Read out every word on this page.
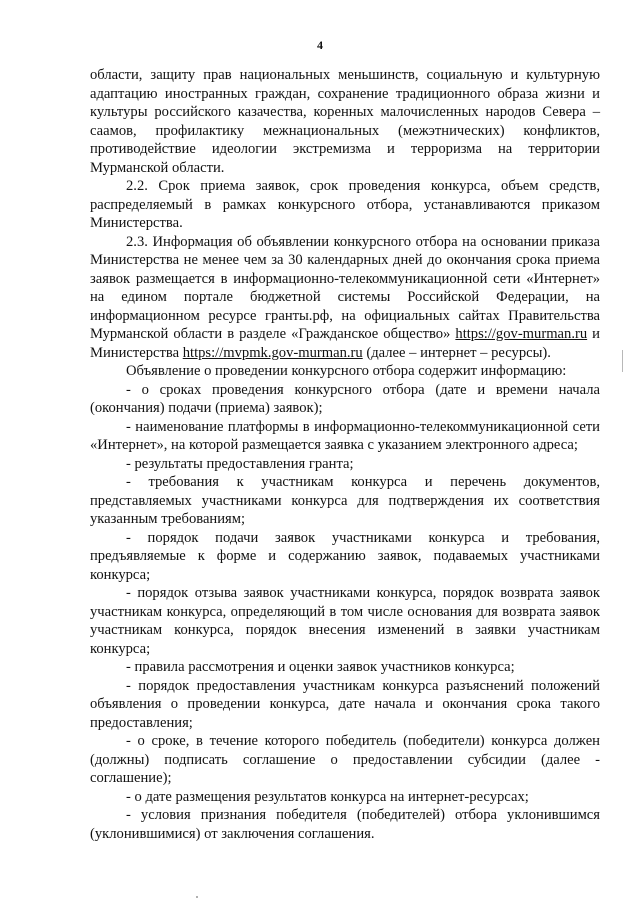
4

области, защиту прав национальных меньшинств, социальную и культурную адаптацию иностранных граждан, сохранение традиционного образа жизни и культуры российского казачества, коренных малочисленных народов Севера – саамов, профилактику межнациональных (межэтнических) конфликтов, противодействие идеологии экстремизма и терроризма на территории Мурманской области.

2.2. Срок приема заявок, срок проведения конкурса, объем средств, распределяемый в рамках конкурсного отбора, устанавливаются приказом Министерства.

2.3. Информация об объявлении конкурсного отбора на основании приказа Министерства не менее чем за 30 календарных дней до окончания срока приема заявок размещается в информационно-телекоммуникационной сети «Интернет» на едином портале бюджетной системы Российской Федерации, на информационном ресурсе гранты.рф, на официальных сайтах Правительства Мурманской области в разделе «Гражданское общество» https://gov-murman.ru и Министерства https://mvpmk.gov-murman.ru (далее – интернет – ресурсы).

Объявление о проведении конкурсного отбора содержит информацию:

- о сроках проведения конкурсного отбора (дате и времени начала (окончания) подачи (приема) заявок);

- наименование платформы в информационно-телекоммуникационной сети «Интернет», на которой размещается заявка с указанием электронного адреса;

- результаты предоставления гранта;

- требования к участникам конкурса и перечень документов, представляемых участниками конкурса для подтверждения их соответствия указанным требованиям;

- порядок подачи заявок участниками конкурса и требования, предъявляемые к форме и содержанию заявок, подаваемых участниками конкурса;

- порядок отзыва заявок участниками конкурса, порядок возврата заявок участникам конкурса, определяющий в том числе основания для возврата заявок участникам конкурса, порядок внесения изменений в заявки участникам конкурса;

- правила рассмотрения и оценки заявок участников конкурса;

- порядок предоставления участникам конкурса разъяснений положений объявления о проведении конкурса, дате начала и окончания срока такого предоставления;

- о сроке, в течение которого победитель (победители) конкурса должен (должны) подписать соглашение о предоставлении субсидии (далее - соглашение);

- о дате размещения результатов конкурса на интернет-ресурсах;

- условия признания победителя (победителей) отбора уклонившимся (уклонившимися) от заключения соглашения.
